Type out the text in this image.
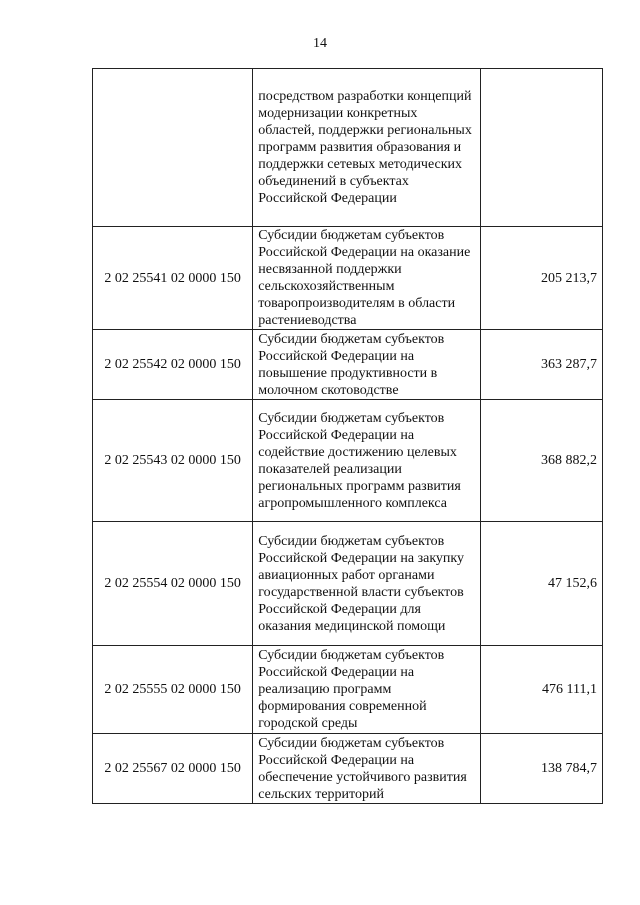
14
	посредством разработки концепций модернизации конкретных областей, поддержки региональных программ развития образования и поддержки сетевых методических объединений в субъектах Российской Федерации	
2 02 25541 02 0000 150	Субсидии бюджетам субъектов Российской Федерации на оказание несвязанной поддержки сельскохозяйственным товаропроизводителям в области растениеводства	205 213,7
2 02 25542 02 0000 150	Субсидии бюджетам субъектов Российской Федерации на повышение продуктивности в молочном скотоводстве	363 287,7
2 02 25543 02 0000 150	Субсидии бюджетам субъектов Российской Федерации на содействие достижению целевых показателей реализации региональных программ развития агропромышленного комплекса	368 882,2
2 02 25554 02 0000 150	Субсидии бюджетам субъектов Российской Федерации на закупку авиационных работ органами государственной власти субъектов Российской Федерации для оказания медицинской помощи	47 152,6
2 02 25555 02 0000 150	Субсидии бюджетам субъектов Российской Федерации на реализацию программ формирования современной городской среды	476 111,1
2 02 25567 02 0000 150	Субсидии бюджетам субъектов Российской Федерации на обеспечение устойчивого развития сельских территорий	138 784,7
